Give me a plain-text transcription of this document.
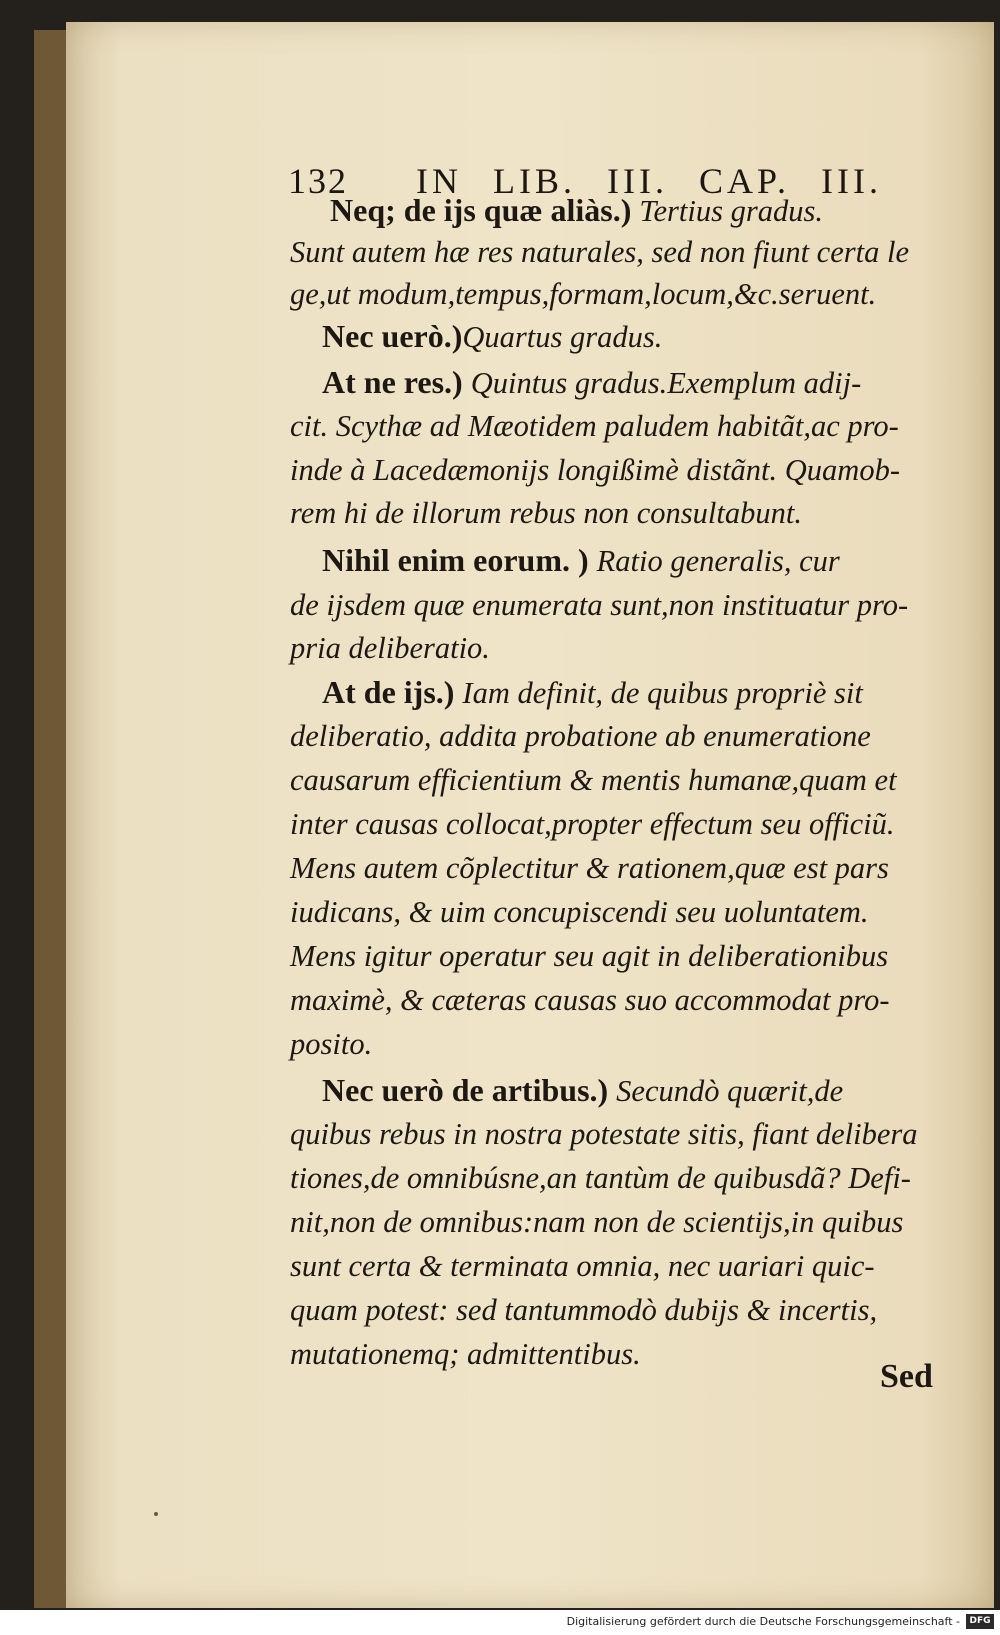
132 IN LIB. III. CAP. III.
Neq; de ijs quæ aliàs.) Tertius gradus.
Sunt autem hæ res naturales, sed non fiunt certa le
ge,ut modum,tempus,formam,locum,&c.seruent.
Nec uerò.)Quartus gradus.
At ne res.) Quintus gradus.Exemplum adij-
cit. Scythæ ad Mæotidem paludem habitãt,ac pro-
inde à Lacedæmonijs longißimè distãnt. Quamob-
rem hi de illorum rebus non consultabunt.
Nihil enim eorum. ) Ratio generalis, cur
de ijsdem quæ enumerata sunt,non instituatur pro-
pria deliberatio.
At de ijs.) Iam definit, de quibus propriè sit
deliberatio, addita probatione ab enumeratione
causarum efficientium & mentis humanæ,quam et
inter causas collocat,propter effectum seu officiũ.
Mens autem cõplectitur & rationem,quæ est pars
iudicans, & uim concupiscendi seu uoluntatem.
Mens igitur operatur seu agit in deliberationibus
maximè, & cæteras causas suo accommodat pro-
posito.
Nec uerò de artibus.) Secundò quærit,de
quibus rebus in nostra potestate sitis, fiant delibera
tiones,de omnibúsne,an tantùm de quibusdã? Defi-
nit,non de omnibus:nam non de scientijs,in quibus
sunt certa & terminata omnia, nec uariari quic-
quam potest: sed tantummodò dubijs & incertis,
mutationemq; admittentibus.
Sed
Digitalisierung gefördert durch die Deutsche Forschungsgemeinschaft -	DFG
